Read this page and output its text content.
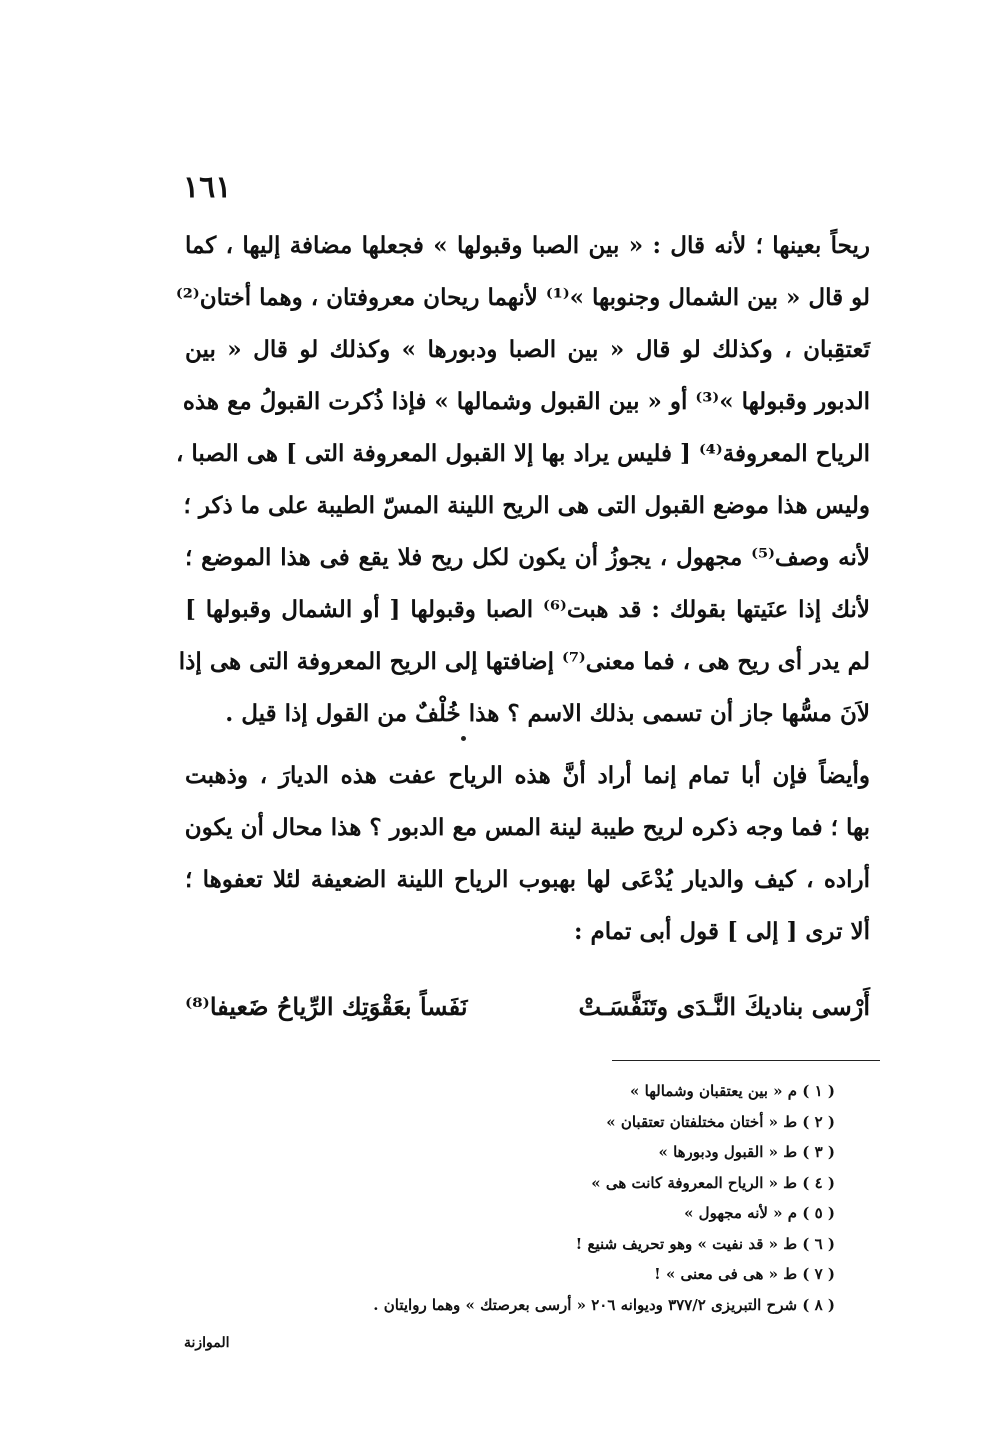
١٦١
ريحاً بعينها ؛ لأنه قال : « بين الصبا وقبولها » فجعلها مضافة إليها ، كما
لو قال « بين الشمال وجنوبها »⁽¹⁾ لأنهما ريحان معروفتان ، وهما أختان⁽²⁾
تَعتقِبان ، وكذلك لو قال « بين الصبا ودبورها » وكذلك لو قال « بين
الدبور وقبولها »⁽³⁾ أو « بين القبول وشمالها » فإذا ذُكرت القبولُ مع هذه
الرياح المعروفة⁽⁴⁾ [ فليس يراد بها إلا القبول المعروفة التى ] هى الصبا ،
وليس هذا موضع القبول التى هى الريح اللينة المسّ الطيبة على ما ذكر ؛
لأنه وصف⁽⁵⁾ مجهول ، يجوزُ أن يكون لكل ريح فلا يقع فى هذا الموضع ؛
لأنك إذا عنَيتها بقولك : قد هبت⁽⁶⁾ الصبا وقبولها [ أو الشمال وقبولها ]
لم يدر أى ريح هى ، فما معنى⁽⁷⁾ إضافتها إلى الريح المعروفة التى هى إذا
لاَنَ مسُّها جاز أن تسمى بذلك الاسم ؟ هذا خُلْفٌ من القول إذا قيل .
وأيضاً فإن أبا تمام إنما أراد أنَّ هذه الرياح عفت هذه الديارَ ، وذهبت
بها ؛ فما وجه ذكره لريح طيبة لينة المس مع الدبور ؟ هذا محال أن يكون
أراده ، كيف والديار يُدْعَى لها بهبوب الرياح اللينة الضعيفة لئلا تعفوها ؛
ألا ترى [ إلى ] قول أبى تمام :
أَرْسى بناديكَ النَّـدَى وتَنَفَّسَـتْ
نَفَساً بعَقْوَتِك الرِّياحُ ضَعيفا⁽⁸⁾
( ١ ) م « بين يعتقبان وشمالها »
( ٢ ) ط « أختان مختلفتان تعتقبان »
( ٣ ) ط « القبول ودبورها »
( ٤ ) ط « الرياح المعروفة كانت هى »
( ٥ ) م « لأنه مجهول »
( ٦ ) ط « قد نفيت » وهو تحريف شنيع !
( ٧ ) ط « هى فى معنى » !
( ٨ ) شرح التبريزى ٣٧٧/٢ وديوانه ٢٠٦ « أرسى بعرصتك » وهما روايتان .
الموازنة
